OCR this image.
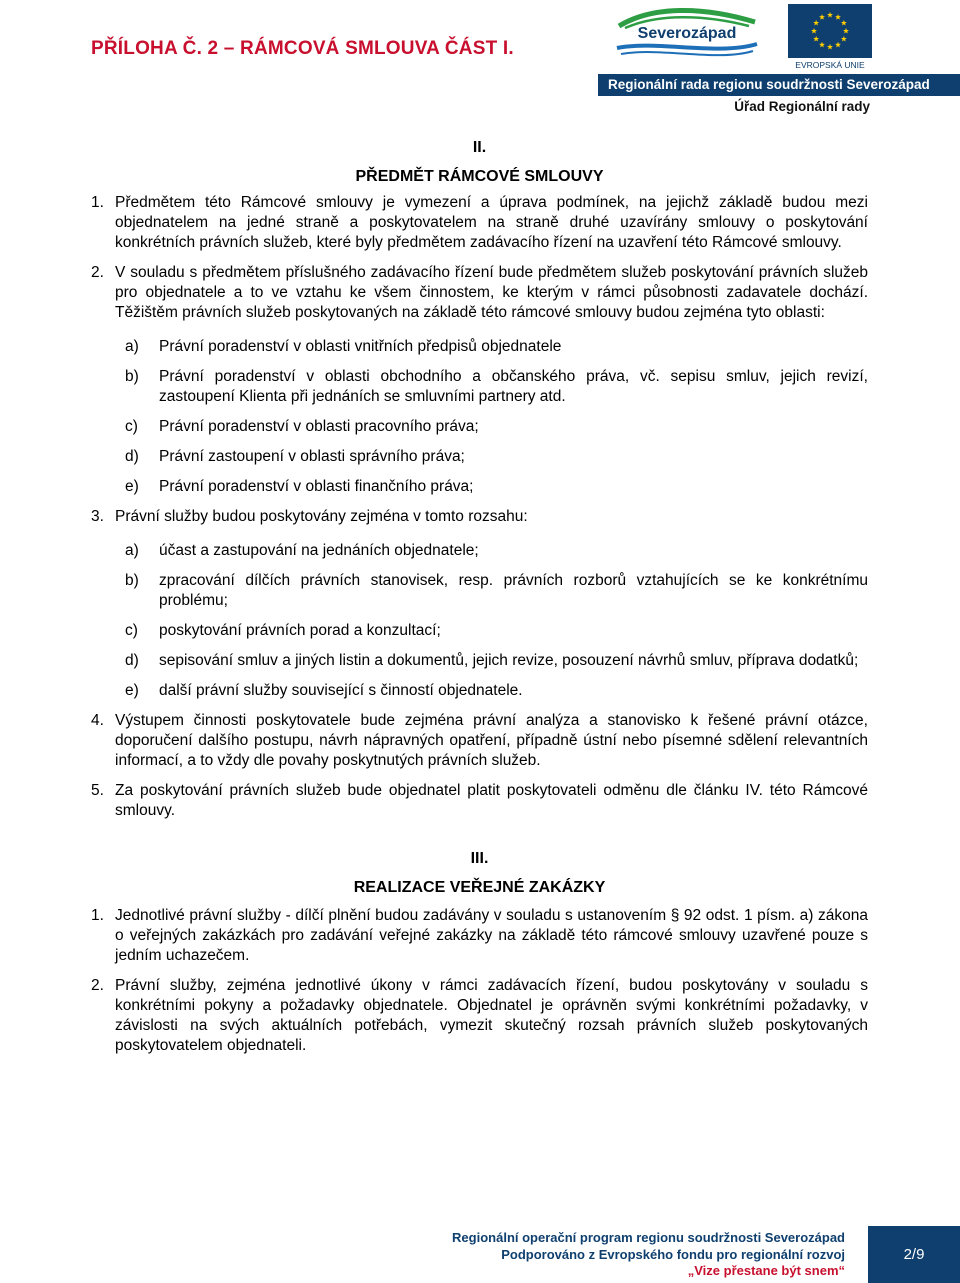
PŘÍLOHA Č. 2 – RÁMCOVÁ SMLOUVA ČÁST I.
Severozápad
EVROPSKÁ UNIE
Regionální rada regionu soudržnosti Severozápad
Úřad Regionální rady

II.

PŘEDMĚT RÁMCOVÉ SMLOUVY

1. Předmětem této Rámcové smlouvy je vymezení a úprava podmínek, na jejichž základě budou mezi objednatelem na jedné straně a poskytovatelem na straně druhé uzavírány smlouvy o poskytování konkrétních právních služeb, které byly předmětem zadávacího řízení na uzavření této Rámcové smlouvy.
2. V souladu s předmětem příslušného zadávacího řízení bude předmětem služeb poskytování právních služeb pro objednatele a to ve vztahu ke všem činnostem, ke kterým v rámci působnosti zadavatele dochází. Těžištěm právních služeb poskytovaných na základě této rámcové smlouvy budou zejména tyto oblasti:
a)	Právní poradenství v oblasti vnitřních předpisů objednatele
b)	Právní poradenství v oblasti obchodního a občanského práva, vč. sepisu smluv, jejich revizí, zastoupení Klienta při jednáních se smluvními partnery atd.
c)	Právní poradenství v oblasti pracovního práva;
d)	Právní zastoupení v oblasti správního práva;
e)	Právní poradenství v oblasti finančního práva;
3. Právní služby budou poskytovány zejména v tomto rozsahu:
a)	účast a zastupování na jednáních objednatele;
b)	zpracování dílčích právních stanovisek, resp. právních rozborů vztahujících se ke konkrétnímu problému;
c)	poskytování právních porad a konzultací;
d)	sepisování smluv a jiných listin a dokumentů, jejich revize, posouzení návrhů smluv, příprava dodatků;
e)	další právní služby související s činností objednatele.
4. Výstupem činnosti poskytovatele bude zejména právní analýza a stanovisko k řešené právní otázce, doporučení dalšího postupu, návrh nápravných opatření, případně ústní nebo písemné sdělení relevantních informací, a to vždy dle povahy poskytnutých právních služeb.
5. Za poskytování právních služeb bude objednatel platit poskytovateli odměnu dle článku IV. této Rámcové smlouvy.

III.

REALIZACE VEŘEJNÉ ZAKÁZKY

1. Jednotlivé právní služby - dílčí plnění budou zadávány v souladu s ustanovením § 92 odst. 1 písm. a) zákona o veřejných zakázkách pro zadávání veřejné zakázky na základě této rámcové smlouvy uzavřené pouze s jedním uchazečem.
2. Právní služby, zejména jednotlivé úkony v rámci zadávacích řízení, budou poskytovány v souladu s konkrétními pokyny a požadavky objednatele. Objednatel je oprávněn svými konkrétními požadavky, v závislosti na svých aktuálních potřebách, vymezit skutečný rozsah právních služeb poskytovaných poskytovatelem objednateli.
Regionální operační program regionu soudržnosti Severozápad
Podporováno z Evropského fondu pro regionální rozvoj
„Vize přestane být snem“
2/9
